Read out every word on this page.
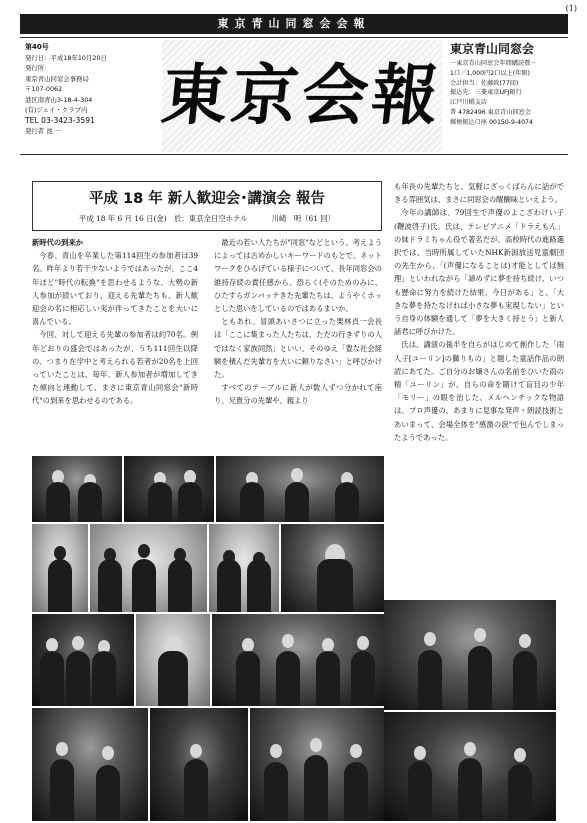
(1)
東京青山同窓会会報
第40号
発行日：平成18年10月20日
発行所：
東京青山同窓会事務局
〒107-0062
港区南青山3-18-4-304
(有)ジェイ・クラブ内
TEL 03-3423-3591
発行者 池 一	東京会報
東京青山同窓会
－東京青山同窓会年間購読費－
1口／1,000円2口以上(年額)
会計担当：佐藤政(77回)
振込先：三菱東京UFJ銀行
江戸川橋支店
普 4782496 東京青山同窓会
郵便振込口座 00150-9-4074
平成 18 年 新人歓迎会･講演会 報告
平成 18 年 6 月 16 日(金)　於：東京全日空ホテル	川崎　明（61 回）

新時代の到来か

今春、青山を卒業した第114回生の参加者は39名。昨年より若干少ないようではあったが、ここ4年ほど"時代の転換"を思わせるような、大勢の新人参加が続いており、迎える先輩たちも、新人歓迎会の名に相応しい実が伴ってきたことを大いに喜んでいる。

今回、対して迎える先輩の参加者は約70名。例年どおりの盛会ではあったが、うち111回生以降の、つまり在学中と考えられる若者が20名を上回っていたことは、毎年、新人参加者が増加してきた傾向と連動して、まさに東京青山同窓会"新時代"の到来を思わせるのである。

最近の若い人たちが"同窓"などという、考えようによっては古めかしいキーワードのもとで、ネットワークをひろげている様子について、長年同窓会の維持存続の責任感から、恐らく(そのためのみに、ひたすらガンバッテきた先輩たちは、ようやくホッとした思いをしているのではあるまいか。

ともあれ、冒頭あいさつに立った栗林貞一会長は「ここに集まった人たちは、ただの行きずりの人ではなく家族同然」といい、そのゆえ「豊な社会経験を積んだ先輩方を大いに頼りなさい」と呼びかけた。

すべてのテーブルに新人が数人ずつ分かれて座り、兄貴分の先輩や、親より

も年長の先輩たちと、気軽にざっくばらんに話ができる雰囲気は、まさに同窓会の醍醐味といえよう。

今年の講師は、79回生で声優のよこざわけい子(鞭波啓子)氏。氏は、テレビアニメ「ドラえもん」の妹ドラミちゃん役で著名だが、高校時代の進路選択では、当時所属していたNHK新潟放送児童劇団の先生から、「(声優になることは)才能としては無理」といわれながら「諦めずに夢を持ち続け、いつも懸命に努力を続けた結果、今日がある」と、「大きな夢を持たなければ小さな夢も実現しない」という自身の体験を通して「夢を大きく持とう」と新人諸君に呼びかけた。

氏は、講演の後半を自らがはじめて創作した「雨人子[ユーリン]の獅りもの」と題した童話作品の朗読にあてた。ご自分のお嬢さんの名前をひいた雨の精「ユーリン」が、自らの命を賭けて盲目の少年「モリー」の眼を治した、メルヘンチックな物語は、プロ声優の、あまりに見事な発声・朗読技術とあいまって、会場全体を"感激の涙"で包んでしまったようであった。
